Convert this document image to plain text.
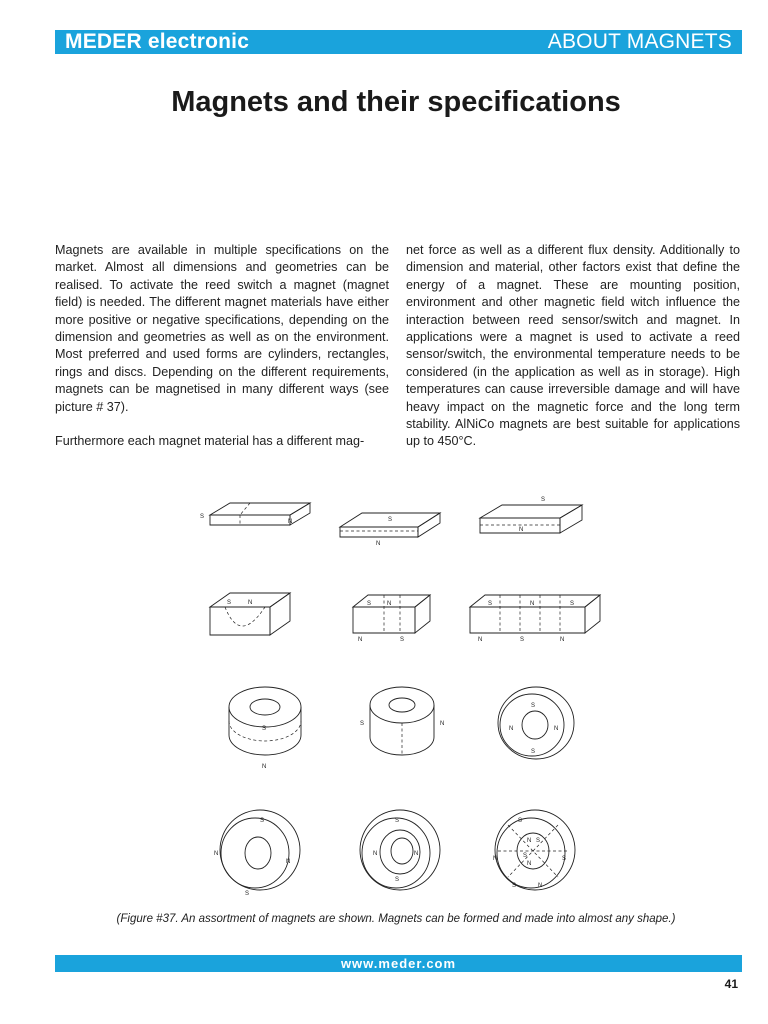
MEDER electronic	ABOUT MAGNETS
Magnets and their specifications

Magnets are available in multiple specifications on the market. Almost all dimensions and geometries can be realised. To activate the reed switch a magnet (magnet field) is needed. The different magnet materials have either more positive or negative specifications, depending on the dimension and geometries as well as on the environment. Most preferred and used forms are cylinders, rectangles, rings and discs. Depending on the different requirements, magnets can be magnetised in many different ways (see picture # 37).

Furthermore each magnet material has a different mag-

net force as well as a different flux density. Additionally to dimension and material, other factors exist that define the energy of a magnet. These are mounting position, environment and other magnetic field witch influence the interaction between reed sensor/switch and magnet. In applications were a magnet is used to activate a reed sensor/switch, the environmental temperature needs to be considered (in the application as well as in storage). High temperatures can cause irreversible damage and will have heavy impact on the magnetic force and the long term stability. AlNiCo magnets are best suitable for applications up to 450°C.

S
N	S
N
S
N
S	N	S	N
N	S
S	N	S
N	S	N
S
N
S	N
S
N	N
S
S
N
N
S
S
N	N
S
S
N S
S
N
N	S
S	N
(Figure #37. An assortment of magnets are shown. Magnets can be formed and made into almost any shape.)
www.meder.com
41
